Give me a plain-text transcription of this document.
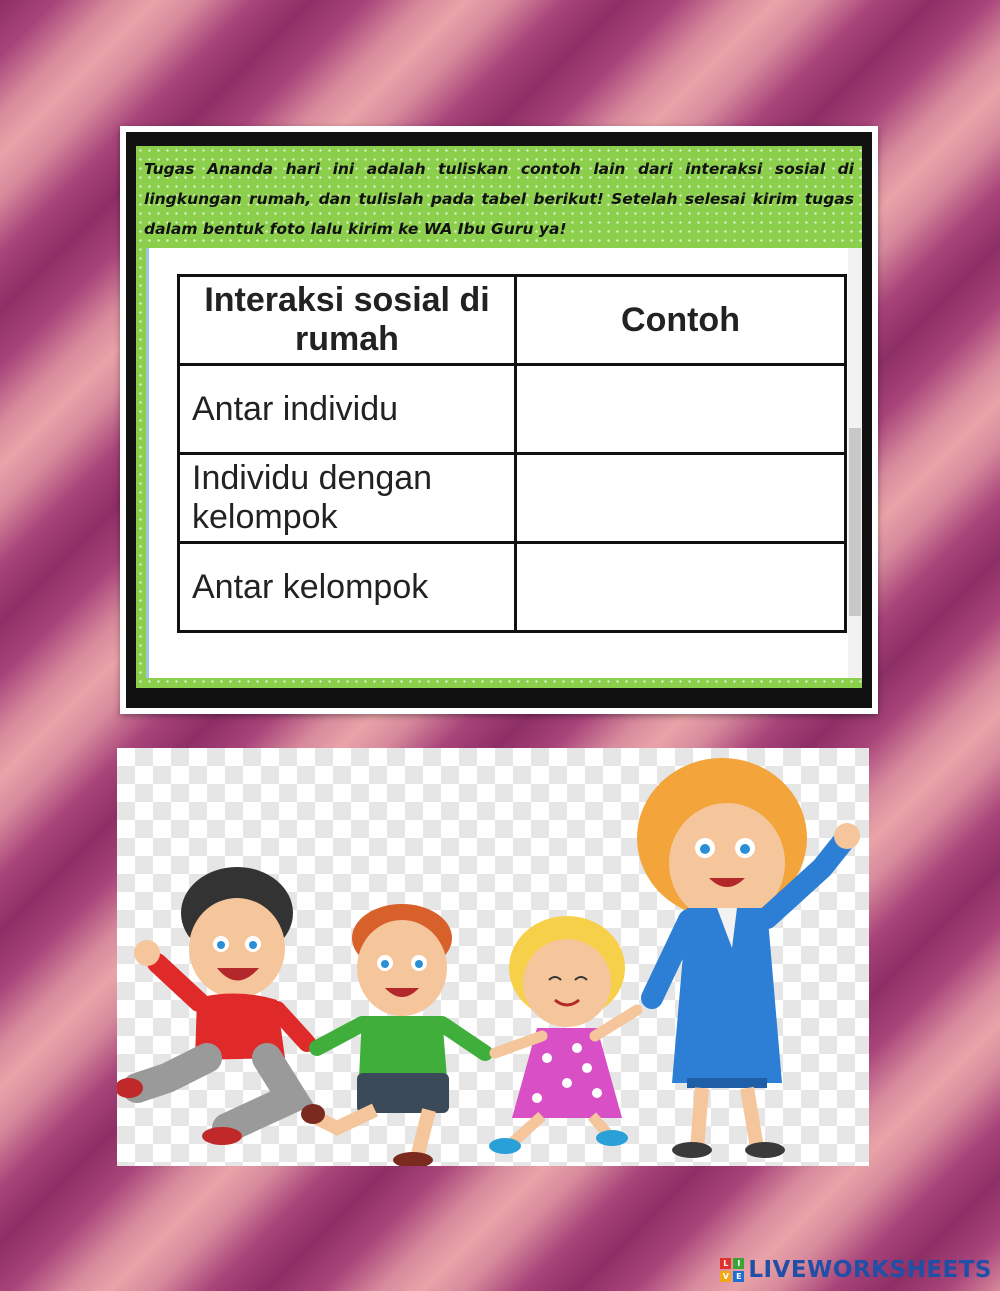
Tugas Ananda hari ini adalah tuliskan contoh lain dari interaksi sosial di lingkungan rumah, dan tulislah pada tabel berikut! Setelah selesai kirim tugas dalam bentuk foto lalu kirim ke WA Ibu Guru ya!

Interaksi sosial di rumah	Contoh
Antar individu	
Individu dengan kelompok	
Antar kelompok	
L	I
V E LIVEWORKSHEETS
